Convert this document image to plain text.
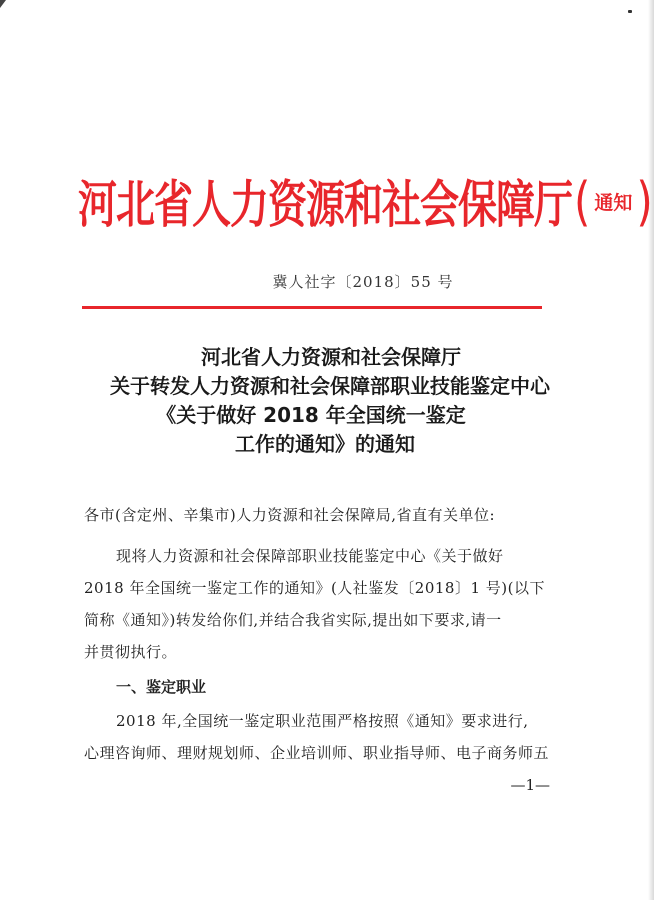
河北省人力资源和社会保障厅 ( 通知 )
冀人社字〔2018〕55 号
河北省人力资源和社会保障厅
关于转发人力资源和社会保障部职业技能鉴定中心
《关于做好 2018 年全国统一鉴定
工作的通知》的通知
各市(含定州、辛集市)人力资源和社会保障局,省直有关单位:
现将人力资源和社会保障部职业技能鉴定中心《关于做好
2018 年全国统一鉴定工作的通知》(人社鉴发〔2018〕1 号)(以下
简称《通知》)转发给你们,并结合我省实际,提出如下要求,请一
并贯彻执行。
一、鉴定职业
2018 年,全国统一鉴定职业范围严格按照《通知》要求进行,
心理咨询师、理财规划师、企业培训师、职业指导师、电子商务师五
—1—
